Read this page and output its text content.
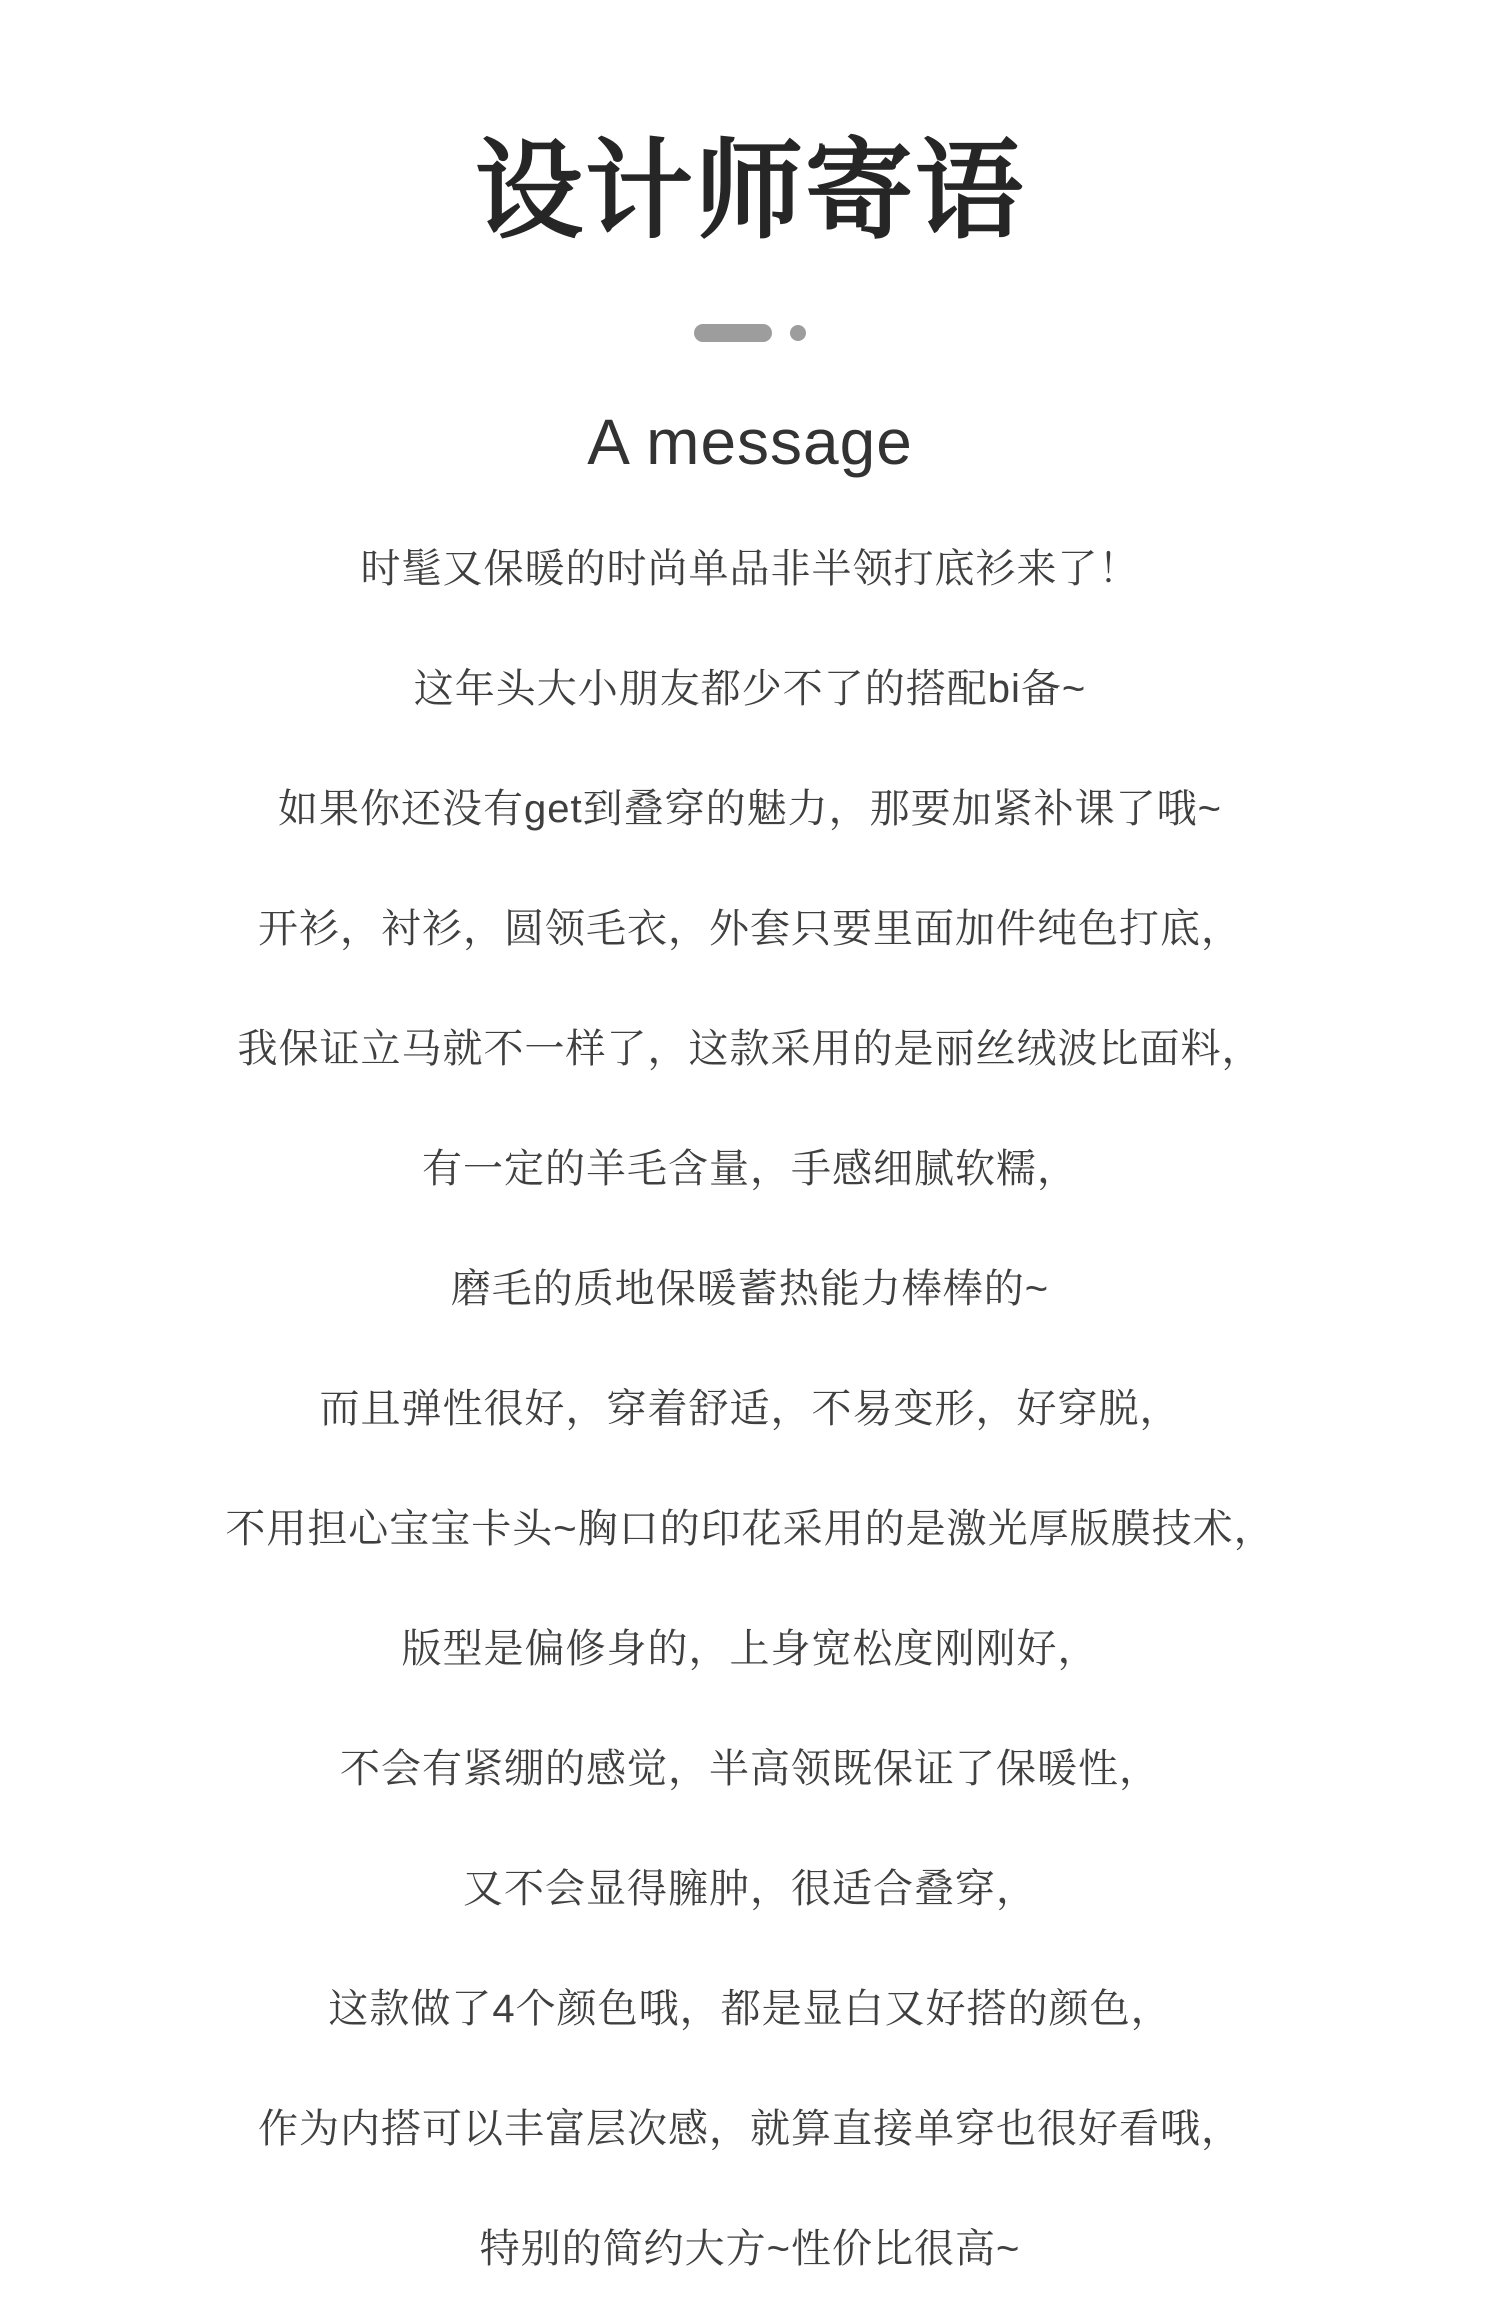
设计师寄语
A message

时髦又保暖的时尚单品非半领打底衫来了！

这年头大小朋友都少不了的搭配bi备~

如果你还没有get到叠穿的魅力，那要加紧补课了哦~

开衫，衬衫，圆领毛衣，外套只要里面加件纯色打底，

我保证立马就不一样了，这款采用的是丽丝绒波比面料，

有一定的羊毛含量，手感细腻软糯，

磨毛的质地保暖蓄热能力棒棒的~

而且弹性很好，穿着舒适，不易变形，好穿脱，

不用担心宝宝卡头~胸口的印花采用的是激光厚版膜技术，

版型是偏修身的，上身宽松度刚刚好，

不会有紧绷的感觉，半高领既保证了保暖性，

又不会显得臃肿，很适合叠穿，

这款做了4个颜色哦，都是显白又好搭的颜色，

作为内搭可以丰富层次感，就算直接单穿也很好看哦，

特别的简约大方~性价比很高~
